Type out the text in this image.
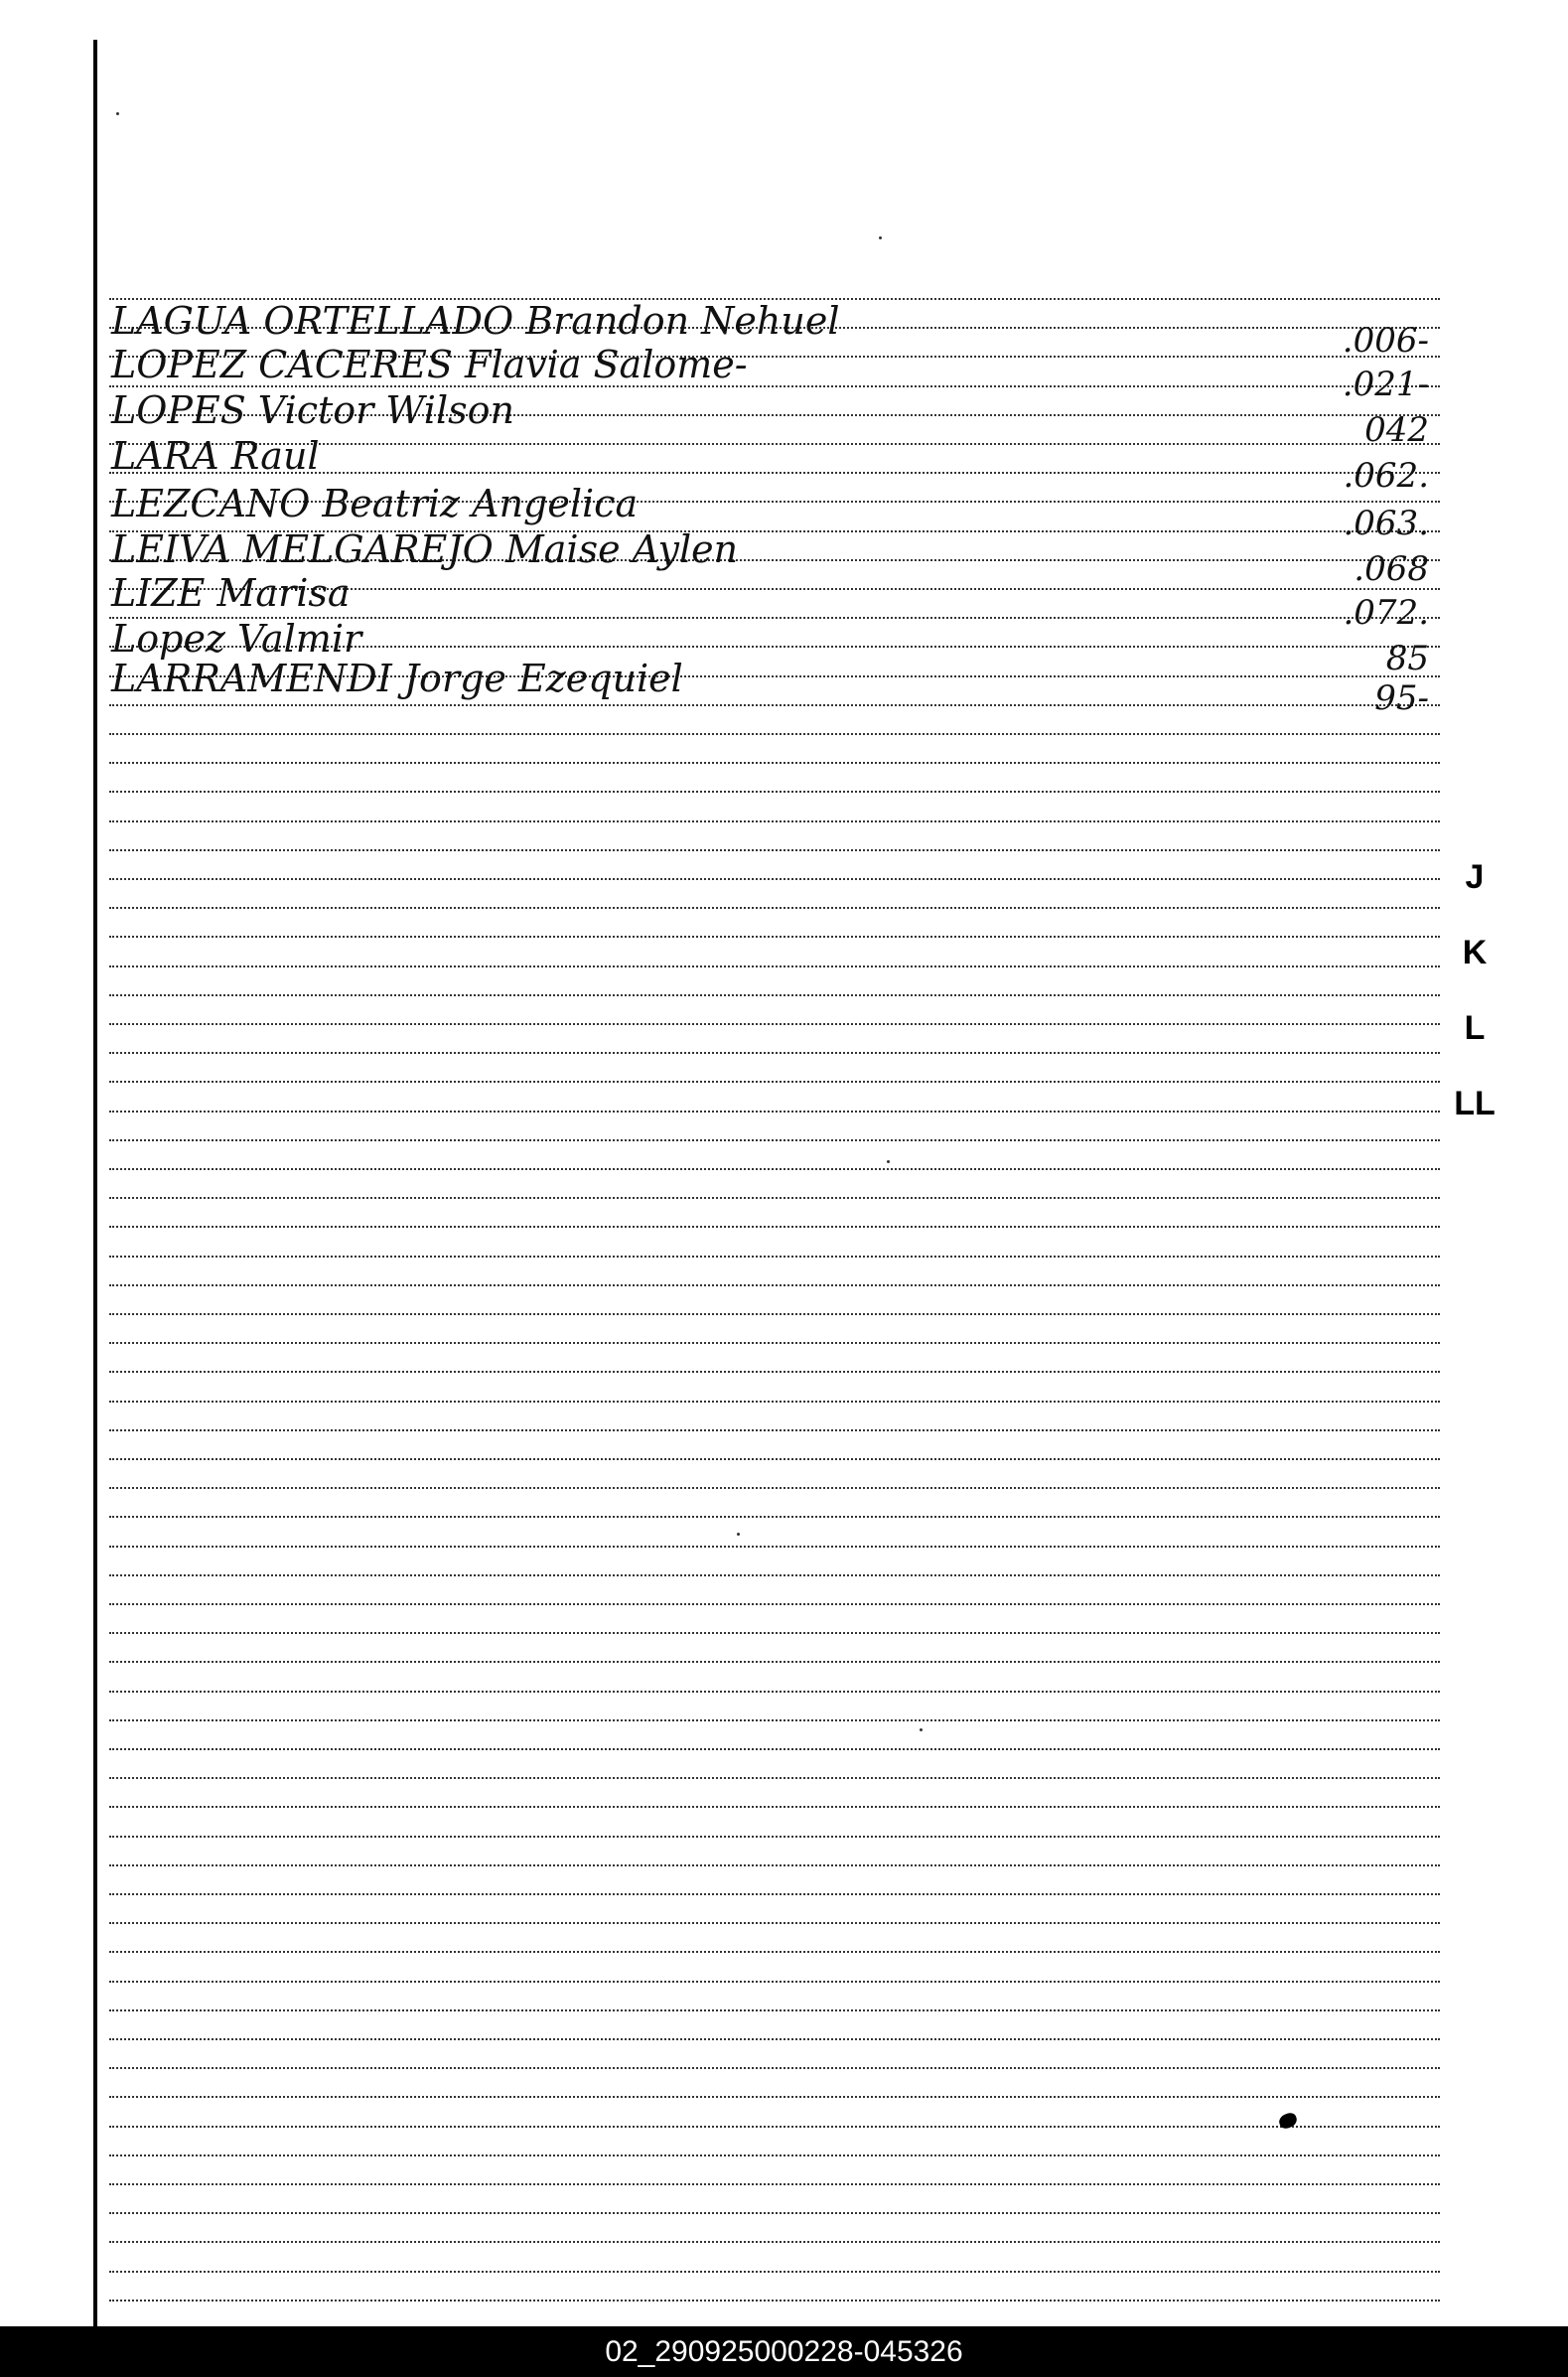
LAGUA ORTELLADO Brandon Nehuel	.006-
LOPEZ CACERES Flavia Salome-	.021-
LOPES Victor Wilson	042
LARA Raul	.062.
LEZCANO Beatriz Angelica	.063.
LEIVA MELGAREJO Maise Aylen	.068
LIZE Marisa	.072.
Lopez Valmir	85
LARRAMENDI Jorge Ezequiel	95-
J
K
L
LL
02_290925000228-045326
